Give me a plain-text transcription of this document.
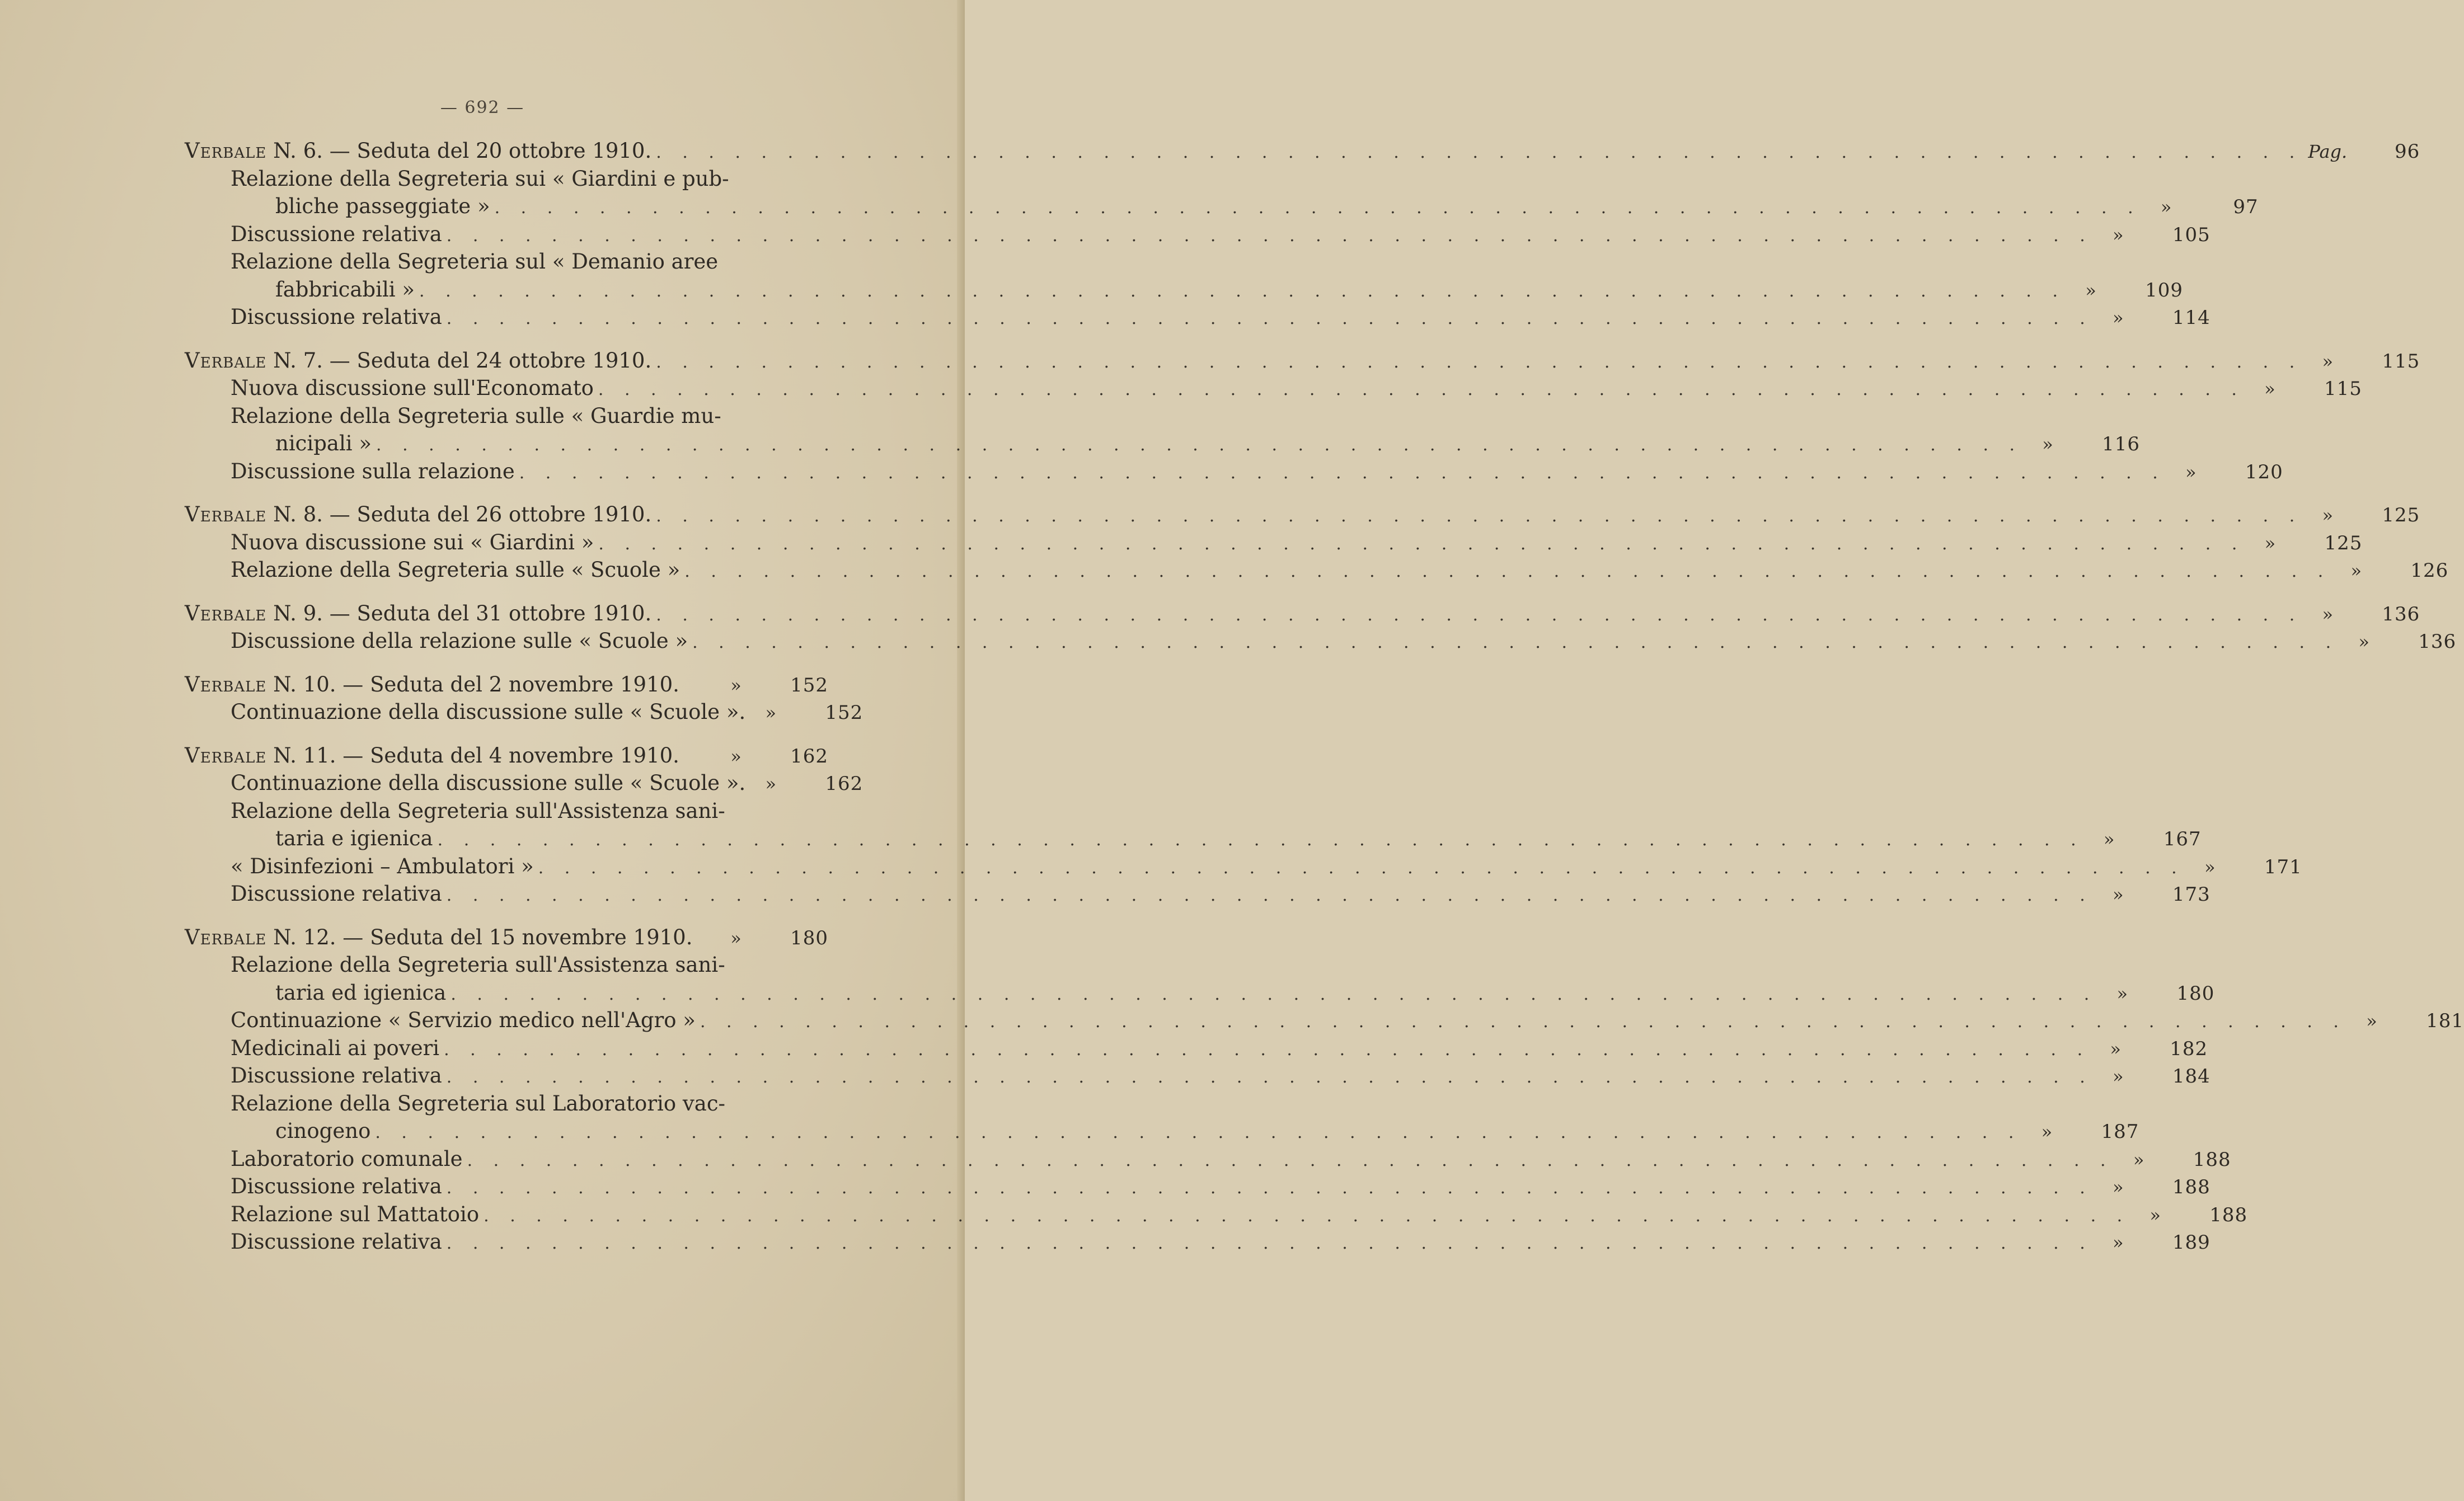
— 692 —
Verbale N. 6. — Seduta del 20 ottobre 1910. . . .	Pag.	96
Relazione della Segreteria sui « Giardini e pub-
bliche passeggiate » . . .	»	97
Discussione relativa . . .	»	105
Relazione della Segreteria sul « Demanio aree
fabbricabili » . . .	»	109
Discussione relativa . . .	»	114
Verbale N. 7. — Seduta del 24 ottobre 1910. . . .	»	115
Nuova discussione sull'Economato . . .	»	115
Relazione della Segreteria sulle « Guardie mu-
nicipali » . . .	»	116
Discussione sulla relazione . . .	»	120
Verbale N. 8. — Seduta del 26 ottobre 1910. . . .	»	125
Nuova discussione sui « Giardini » . . .	»	125
Relazione della Segreteria sulle « Scuole » . . .	»	126
Verbale N. 9. — Seduta del 31 ottobre 1910. . . .	»	136
Discussione della relazione sulle « Scuole » . . .	»	136
Verbale N. 10. — Seduta del 2 novembre 1910.	»	152
Continuazione della discussione sulle « Scuole ».	»	152
Verbale N. 11. — Seduta del 4 novembre 1910.	»	162
Continuazione della discussione sulle « Scuole ».	»	162
Relazione della Segreteria sull'Assistenza sani-
taria e igienica . . .	»	167
« Disinfezioni – Ambulatori » . . .	»	171
Discussione relativa . . .	»	173
Verbale N. 12. — Seduta del 15 novembre 1910.	»	180
Relazione della Segreteria sull'Assistenza sani-
taria ed igienica . . .	»	180
Continuazione « Servizio medico nell'Agro » . . .	»	181
Medicinali ai poveri . . .	»	182
Discussione relativa . . .	»	184
Relazione della Segreteria sul Laboratorio vac-
cinogeno . . .	»	187
Laboratorio comunale . . .	»	188
Discussione relativa . . .	»	188
Relazione sul Mattatoio . . .	»	188
Discussione relativa . . .	»	189
